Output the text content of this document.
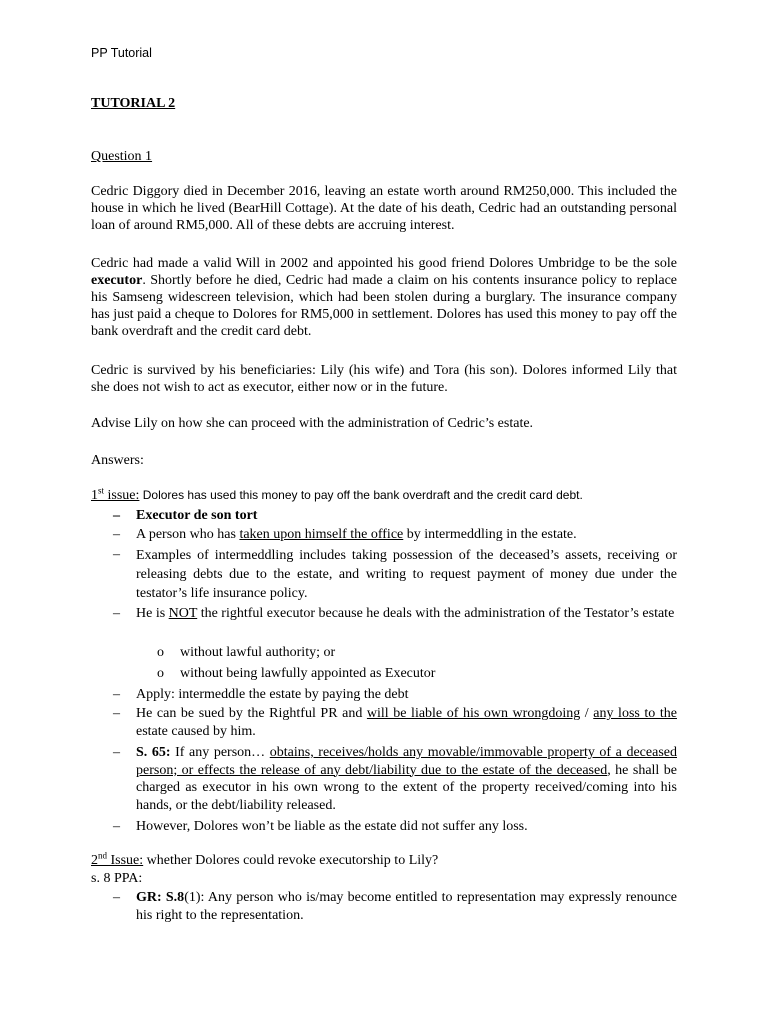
PP Tutorial
TUTORIAL 2
Question 1
Cedric Diggory died in December 2016, leaving an estate worth around RM250,000. This included the house in which he lived (BearHill Cottage). At the date of his death, Cedric had an outstanding personal loan of around RM5,000. All of these debts are accruing interest.
Cedric had made a valid Will in 2002 and appointed his good friend Dolores Umbridge to be the sole executor. Shortly before he died, Cedric had made a claim on his contents insurance policy to replace his Samseng widescreen television, which had been stolen during a burglary. The insurance company has just paid a cheque to Dolores for RM5,000 in settlement. Dolores has used this money to pay off the bank overdraft and the credit card debt.
Cedric is survived by his beneficiaries: Lily (his wife) and Tora (his son). Dolores informed Lily that she does not wish to act as executor, either now or in the future.
Advise Lily on how she can proceed with the administration of Cedric’s estate.
Answers:
1st issue: Dolores has used this money to pay off the bank overdraft and the credit card debt.
–	Executor de son tort
–	A person who has taken upon himself the office by intermeddling in the estate.
–	Examples of intermeddling includes taking possession of the deceased’s assets, receiving or releasing debts due to the estate, and writing to request payment of money due under the testator’s life insurance policy.
–	He is NOT the rightful executor because he deals with the administration of the Testator’s estate
o without lawful authority; or
o without being lawfully appointed as Executor
–	Apply: intermeddle the estate by paying the debt
–	He can be sued by the Rightful PR and will be liable of his own wrongdoing / any loss to the estate caused by him.
–	S. 65: If any person… obtains, receives/holds any movable/immovable property of a deceased person; or effects the release of any debt/liability due to the estate of the deceased, he shall be charged as executor in his own wrong to the extent of the property received/coming into his hands, or the debt/liability released.
–	However, Dolores won’t be liable as the estate did not suffer any loss.
2nd Issue: whether Dolores could revoke executorship to Lily?
s. 8 PPA:
–	GR: S.8(1): Any person who is/may become entitled to representation may expressly renounce his right to the representation.
